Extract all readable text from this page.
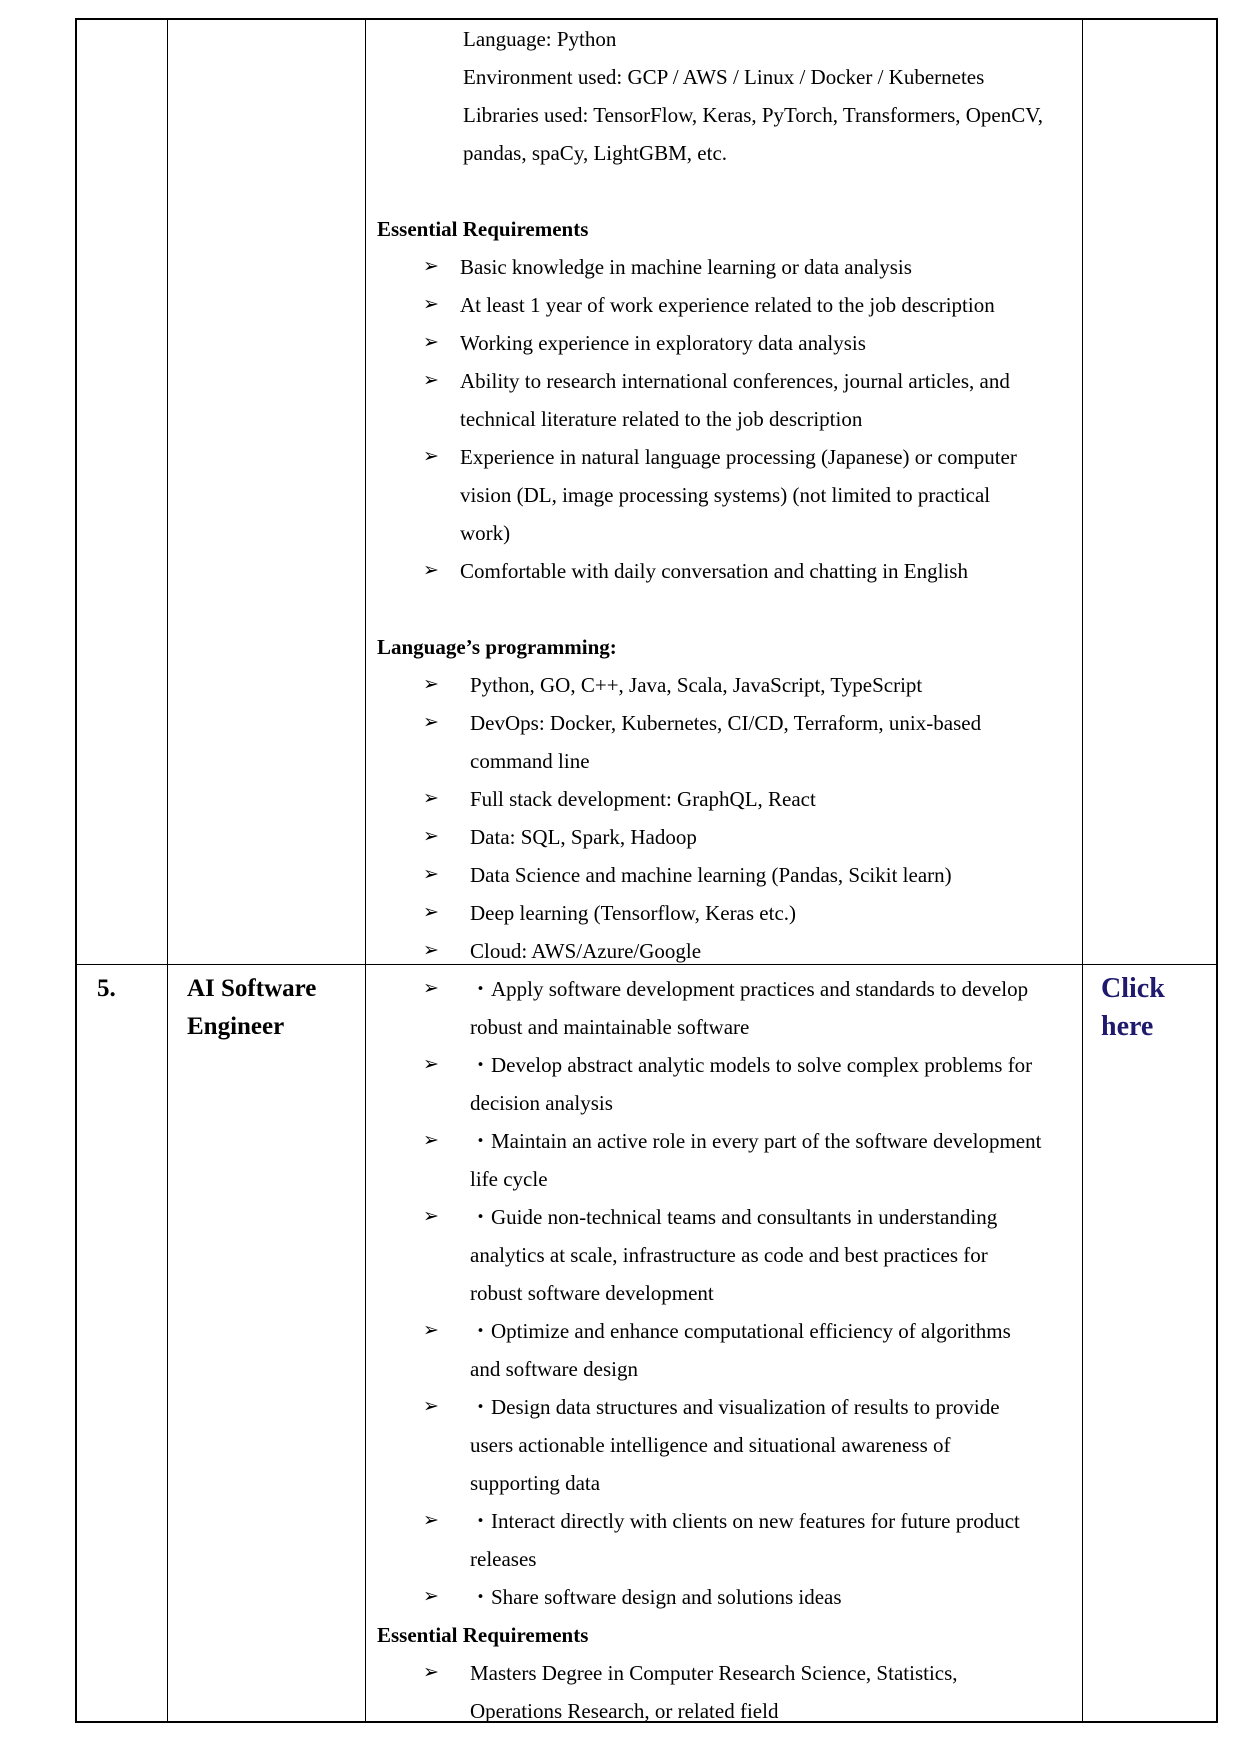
Language: Python
Environment used: GCP / AWS / Linux / Docker / Kubernetes
Libraries used: TensorFlow, Keras, PyTorch, Transformers, OpenCV,
pandas, spaCy, LightGBM, etc.
Essential Requirements
➢ Basic knowledge in machine learning or data analysis
➢ At least 1 year of work experience related to the job description
➢ Working experience in exploratory data analysis
➢ Ability to research international conferences, journal articles, and
technical literature related to the job description
➢ Experience in natural language processing (Japanese) or computer
vision (DL, image processing systems) (not limited to practical
work)
➢ Comfortable with daily conversation and chatting in English
Language’s programming:
➢ Python, GO, C++, Java, Scala, JavaScript, TypeScript
➢ DevOps: Docker, Kubernetes, CI/CD, Terraform, unix-based
command line
➢ Full stack development: GraphQL, React
➢ Data: SQL, Spark, Hadoop
➢ Data Science and machine learning (Pandas, Scikit learn)
➢ Deep learning (Tensorflow, Keras etc.)
➢ Cloud: AWS/Azure/Google
5.	AI Software
Engineer
Click
here
➢ ・Apply software development practices and standards to develop
robust and maintainable software
➢ ・Develop abstract analytic models to solve complex problems for
decision analysis
➢ ・Maintain an active role in every part of the software development
life cycle
➢ ・Guide non-technical teams and consultants in understanding
analytics at scale, infrastructure as code and best practices for
robust software development
➢ ・Optimize and enhance computational efficiency of algorithms
and software design
➢ ・Design data structures and visualization of results to provide
users actionable intelligence and situational awareness of
supporting data
➢ ・Interact directly with clients on new features for future product
releases
➢ ・Share software design and solutions ideas
Essential Requirements
➢ Masters Degree in Computer Research Science, Statistics,
Operations Research, or related field
